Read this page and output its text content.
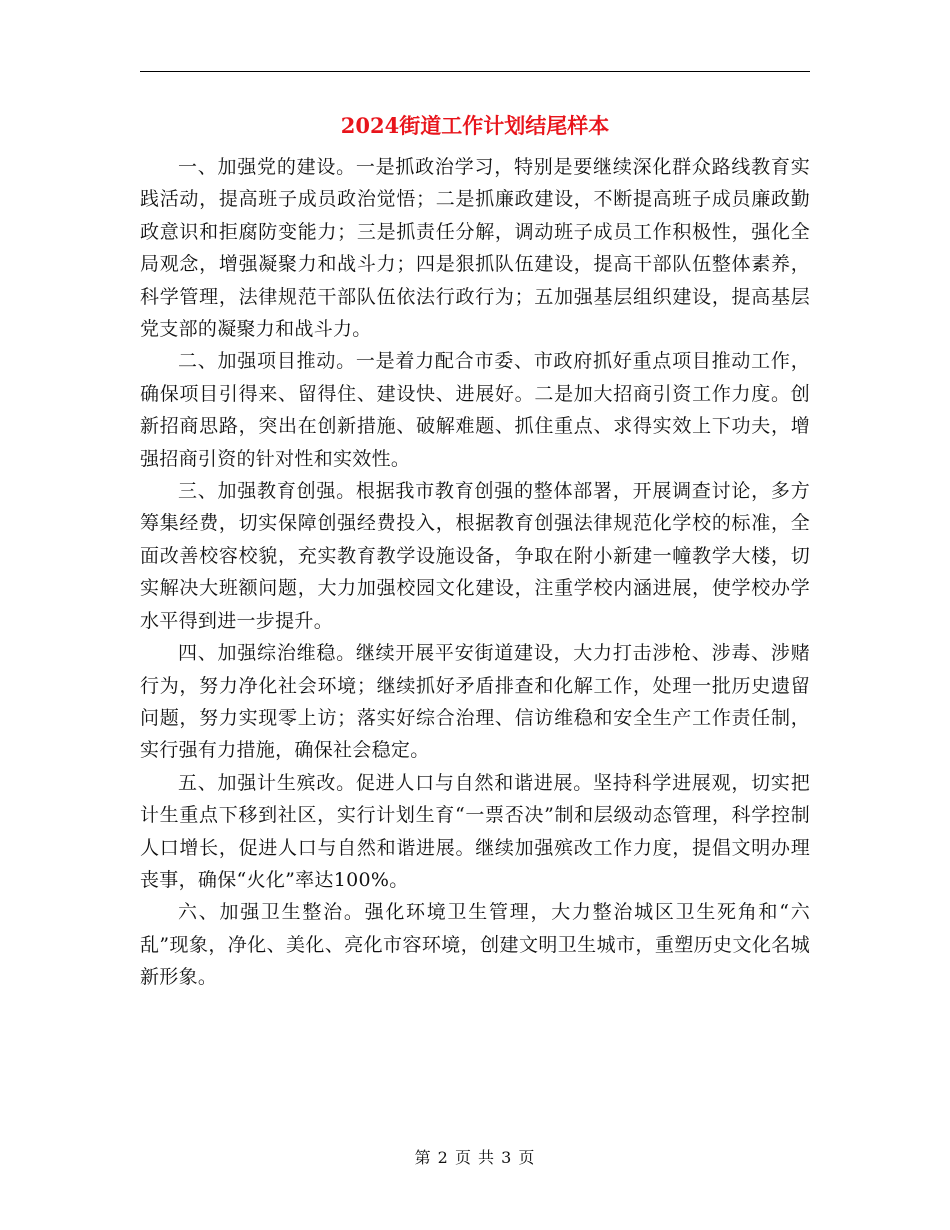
2024街道工作计划结尾样本

一、加强党的建设。一是抓政治学习，特别是要继续深化群众路线教育实践活动，提高班子成员政治觉悟；二是抓廉政建设，不断提高班子成员廉政勤政意识和拒腐防变能力；三是抓责任分解，调动班子成员工作积极性，强化全局观念，增强凝聚力和战斗力；四是狠抓队伍建设，提高干部队伍整体素养，科学管理，法律规范干部队伍依法行政行为；五加强基层组织建设，提高基层党支部的凝聚力和战斗力。

二、加强项目推动。一是着力配合市委、市政府抓好重点项目推动工作，确保项目引得来、留得住、建设快、进展好。二是加大招商引资工作力度。创新招商思路，突出在创新措施、破解难题、抓住重点、求得实效上下功夫，增强招商引资的针对性和实效性。

三、加强教育创强。根据我市教育创强的整体部署，开展调查讨论，多方筹集经费，切实保障创强经费投入，根据教育创强法律规范化学校的标准，全面改善校容校貌，充实教育教学设施设备，争取在附小新建一幢教学大楼，切实解决大班额问题，大力加强校园文化建设，注重学校内涵进展，使学校办学水平得到进一步提升。

四、加强综治维稳。继续开展平安街道建设，大力打击涉枪、涉毒、涉赌行为，努力净化社会环境；继续抓好矛盾排查和化解工作，处理一批历史遗留问题，努力实现零上访；落实好综合治理、信访维稳和安全生产工作责任制，实行强有力措施，确保社会稳定。

五、加强计生殡改。促进人口与自然和谐进展。坚持科学进展观，切实把计生重点下移到社区，实行计划生育“一票否决”制和层级动态管理，科学控制人口增长，促进人口与自然和谐进展。继续加强殡改工作力度，提倡文明办理丧事，确保“火化”率达100%。

六、加强卫生整治。强化环境卫生管理，大力整治城区卫生死角和“六乱”现象，净化、美化、亮化市容环境，创建文明卫生城市，重塑历史文化名城新形象。

第 2 页 共 3 页
